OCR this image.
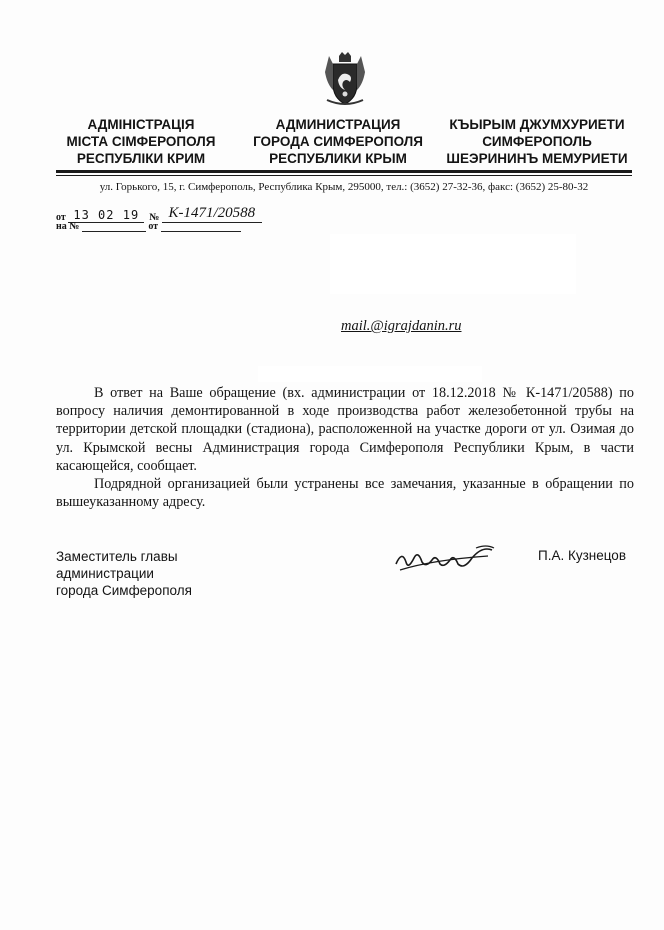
АДМІНІСТРАЦІЯ
МІСТА СІМФЕРОПОЛЯ
РЕСПУБЛІКИ КРИМ
АДМИНИСТРАЦИЯ
ГОРОДА СИМФЕРОПОЛЯ
РЕСПУБЛИКИ КРЫМ
КЪЫРЫМ ДЖУМХУРИЕТИ
СИМФЕРОПОЛЬ
ШЕЭРИНИНЪ МЕМУРИЕТИ
ул. Горького, 15, г. Симферополь, Республика Крым, 295000, тел.: (3652) 27-32-36, факс: (3652) 25-80-32
от 13 02 19 № К-1471/20588
на №	от
mail.@igrajdanin.ru

В ответ на Ваше обращение (вх. администрации от 18.12.2018 № К-1471/20588) по вопросу наличия демонтированной в ходе производства работ железобетонной трубы на территории детской площадки (стадиона), расположенной на участке дороги от ул. Озимая до ул. Крымской весны Администрация города Симферополя Республики Крым, в части касающейся, сообщает.

Подрядной организацией были устранены все замечания, указанные в обращении по вышеуказанному адресу.

Заместитель главы
администрации
города Симферополя
П.А. Кузнецов
